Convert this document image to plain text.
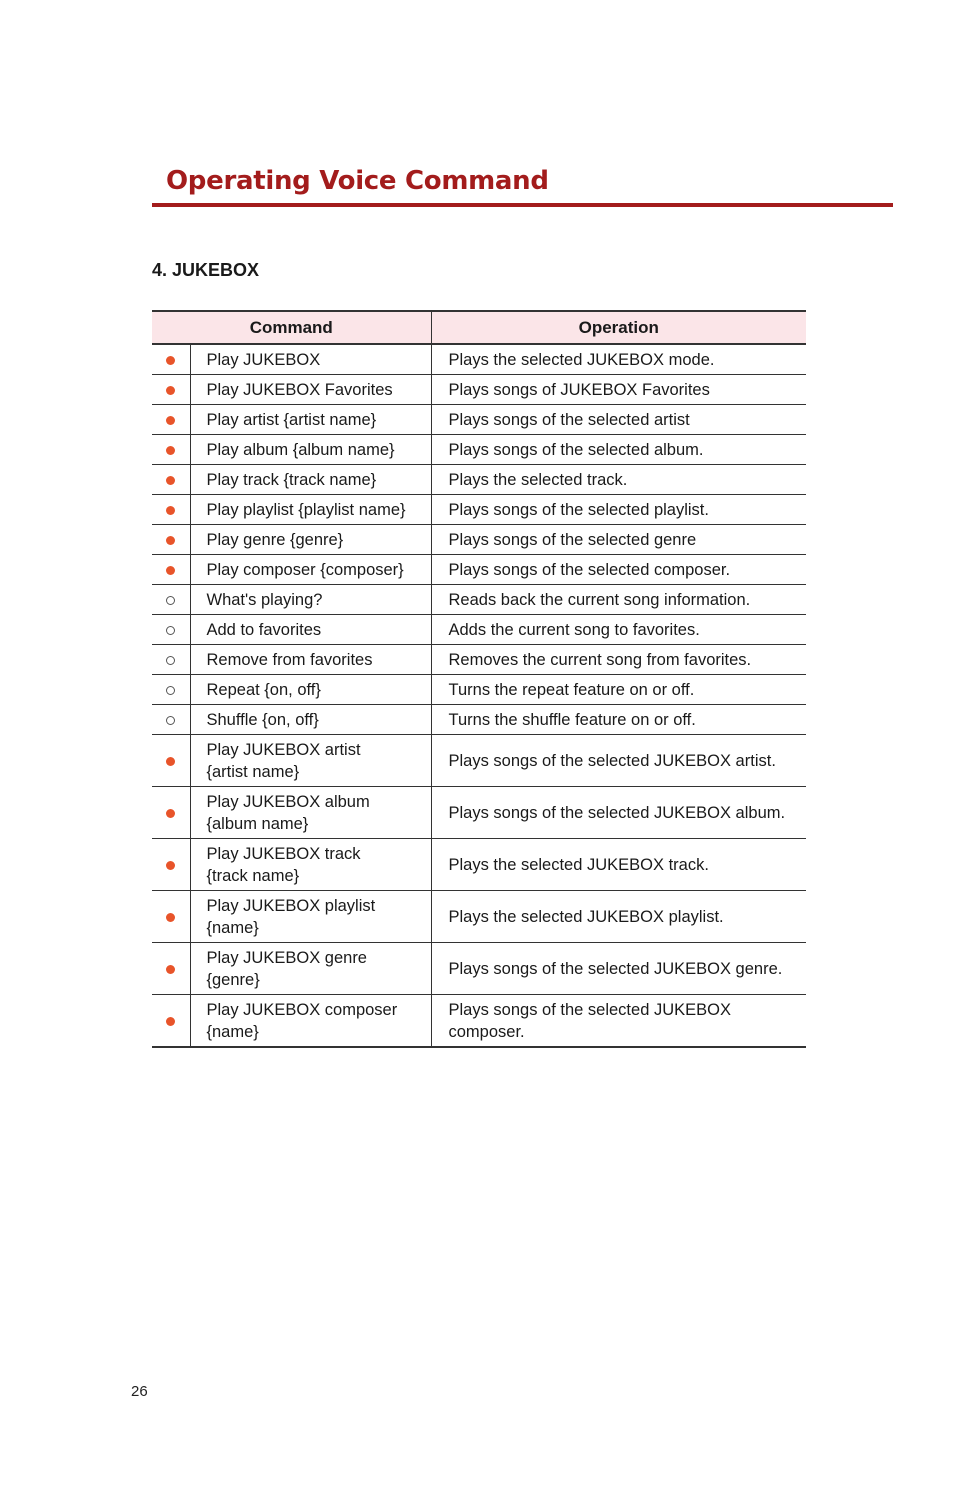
Operating Voice Command
4. JUKEBOX
Command		Operation

	Play JUKEBOX	Plays the selected JUKEBOX mode.

	Play JUKEBOX Favorites	Plays songs of JUKEBOX Favorites

	Play artist {artist name}	Plays songs of the selected artist

	Play album {album name}	Plays songs of the selected album.

	Play track {track name}	Plays the selected track.

	Play playlist {playlist name}	Plays songs of the selected playlist.

	Play genre {genre}	Plays songs of the selected genre

	Play composer {composer}	Plays songs of the selected composer.

	What's playing?	Reads back the current song information.

	Add to favorites	Adds the current song to favorites.

	Remove from favorites	Removes the current song from favorites.

	Repeat {on, off}	Turns the repeat feature on or off.

	Shuffle {on, off}	Turns the shuffle feature on or off.

	Play JUKEBOX artist
{artist name}	Plays songs of the selected JUKEBOX artist.

	Play JUKEBOX album
{album name}	Plays songs of the selected JUKEBOX album.

	Play JUKEBOX track
{track name}	Plays the selected JUKEBOX track.

	Play JUKEBOX playlist
{name}	Plays the selected JUKEBOX playlist.

	Play JUKEBOX genre
{genre}	Plays songs of the selected JUKEBOX genre.

	Play JUKEBOX composer
{name}	Plays songs of the selected JUKEBOX
composer.
26
